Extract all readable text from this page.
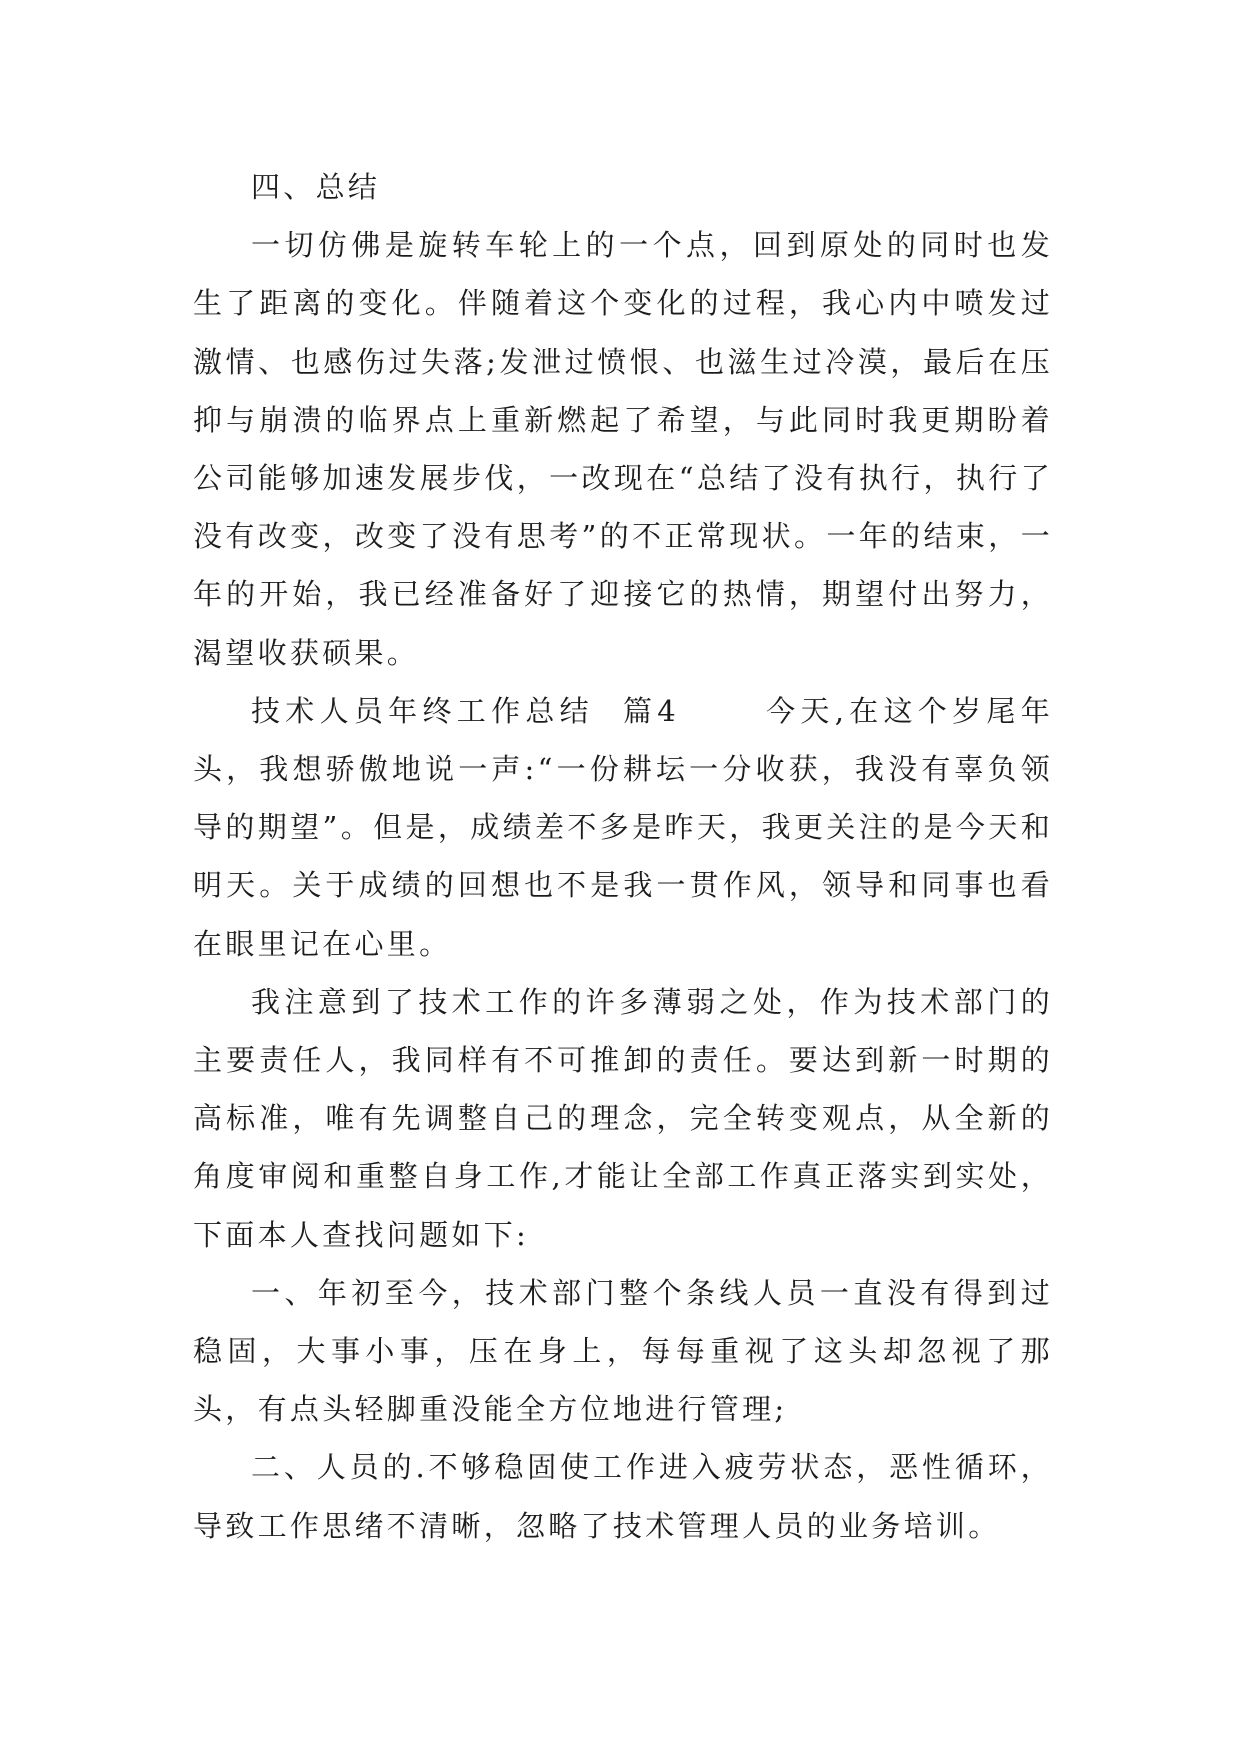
四、总结

一切仿佛是旋转车轮上的一个点，回到原处的同时也发生了距离的变化。伴随着这个变化的过程，我心内中喷发过激情、也感伤过失落;发泄过愤恨、也滋生过冷漠，最后在压抑与崩溃的临界点上重新燃起了希望，与此同时我更期盼着公司能够加速发展步伐，一改现在“总结了没有执行，执行了没有改变，改变了没有思考”的不正常现状。一年的结束，一年的开始，我已经准备好了迎接它的热情，期望付出努力，渴望收获硕果。

技术人员年终工作总结  篇4      今天,在这个岁尾年头，我想骄傲地说一声:“一份耕坛一分收获，我没有辜负领导的期望”。但是，成绩差不多是昨天，我更关注的是今天和明天。关于成绩的回想也不是我一贯作风，领导和同事也看在眼里记在心里。

我注意到了技术工作的许多薄弱之处，作为技术部门的主要责任人，我同样有不可推卸的责任。要达到新一时期的高标准，唯有先调整自己的理念，完全转变观点，从全新的角度审阅和重整自身工作,才能让全部工作真正落实到实处，下面本人查找问题如下:

一、年初至今，技术部门整个条线人员一直没有得到过稳固，大事小事，压在身上，每每重视了这头却忽视了那头，有点头轻脚重没能全方位地进行管理;

二、人员的.不够稳固使工作进入疲劳状态，恶性循环，导致工作思绪不清晰，忽略了技术管理人员的业务培训。
